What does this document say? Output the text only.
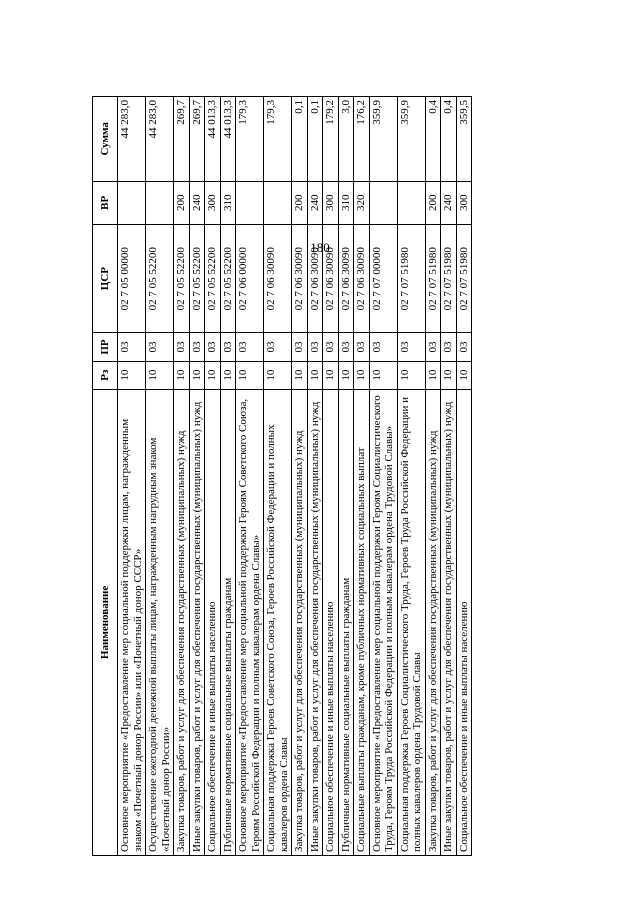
180
Наименование	Рз	ПР	ЦСР	ВР	Сумма
Основное мероприятие «Предоставление мер социальной поддержки лицам, награжденным знаком «Почетный донор России» или «Почетный донор СССР»	10	03	02 7 05 00000		44 283,0
Осуществление ежегодной денежной выплаты лицам, награжденным нагрудным знаком «Почетный донор России»	10	03	02 7 05 52200		44 283,0
Закупка товаров, работ и услуг для обеспечения государственных (муниципальных) нужд	10	03	02 7 05 52200	200	269,7
Иные закупки товаров, работ и услуг для обеспечения государственных (муниципальных) нужд	10	03	02 7 05 52200	240	269,7
Социальное обеспечение и иные выплаты населению	10	03	02 7 05 52200	300	44 013,3
Публичные нормативные социальные выплаты гражданам	10	03	02 7 05 52200	310	44 013,3
Основное мероприятие «Предоставление мер социальной поддержки Героям Советского Союза, Героям Российской Федерации и полным кавалерам ордена Славы»	10	03	02 7 06 00000		179,3
Социальная поддержка Героев Советского Союза, Героев Российской Федерации и полных кавалеров ордена Славы	10	03	02 7 06 30090		179,3
Закупка товаров, работ и услуг для обеспечения государственных (муниципальных) нужд	10	03	02 7 06 30090	200	0,1
Иные закупки товаров, работ и услуг для обеспечения государственных (муниципальных) нужд	10	03	02 7 06 30090	240	0,1
Социальное обеспечение и иные выплаты населению	10	03	02 7 06 30090	300	179,2
Публичные нормативные социальные выплаты гражданам	10	03	02 7 06 30090	310	3,0
Социальные выплаты гражданам, кроме публичных нормативных социальных выплат	10	03	02 7 06 30090	320	176,2
Основное мероприятие «Предоставление мер социальной поддержки Героям Социалистического Труда, Героям Труда Российской Федерации и полным кавалерам ордена Трудовой Славы»	10	03	02 7 07 00000		359,9
Социальная поддержка Героев Социалистического Труда, Героев Труда Российской Федерации и полных кавалеров ордена Трудовой Славы	10	03	02 7 07 51980		359,9
Закупка товаров, работ и услуг для обеспечения государственных (муниципальных) нужд	10	03	02 7 07 51980	200	0,4
Иные закупки товаров, работ и услуг для обеспечения государственных (муниципальных) нужд	10	03	02 7 07 51980	240	0,4
Социальное обеспечение и иные выплаты населению	10	03	02 7 07 51980	300	359,5
